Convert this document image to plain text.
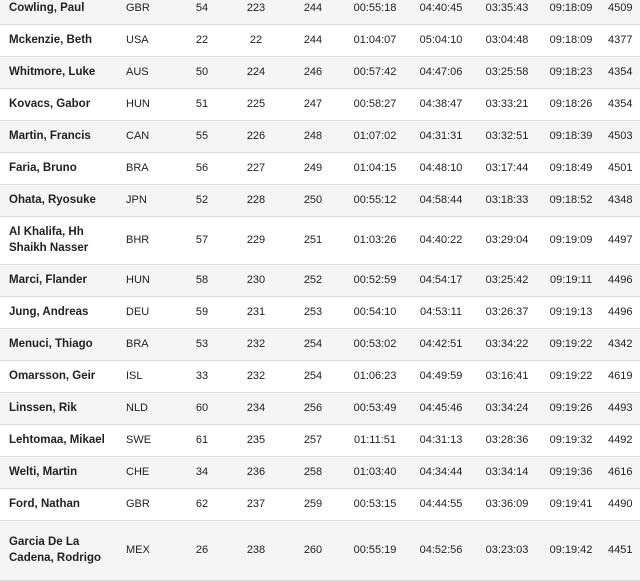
Cowling, Paul	GBR	54	223	244	00:55:18	04:40:45	03:35:43	09:18:09	4509
Mckenzie, Beth	USA	22	22	244	01:04:07	05:04:10	03:04:48	09:18:09	4377
Whitmore, Luke	AUS	50	224	246	00:57:42	04:47:06	03:25:58	09:18:23	4354
Kovacs, Gabor	HUN	51	225	247	00:58:27	04:38:47	03:33:21	09:18:26	4354
Martin, Francis	CAN	55	226	248	01:07:02	04:31:31	03:32:51	09:18:39	4503
Faria, Bruno	BRA	56	227	249	01:04:15	04:48:10	03:17:44	09:18:49	4501
Ohata, Ryosuke	JPN	52	228	250	00:55:12	04:58:44	03:18:33	09:18:52	4348
Al Khalifa, Hh Shaikh Nasser	BHR	57	229	251	01:03:26	04:40:22	03:29:04	09:19:09	4497
Marci, Flander	HUN	58	230	252	00:52:59	04:54:17	03:25:42	09:19:11	4496
Jung, Andreas	DEU	59	231	253	00:54:10	04:53:11	03:26:37	09:19:13	4496
Menuci, Thiago	BRA	53	232	254	00:53:02	04:42:51	03:34:22	09:19:22	4342
Omarsson, Geir	ISL	33	232	254	01:06:23	04:49:59	03:16:41	09:19:22	4619
Linssen, Rik	NLD	60	234	256	00:53:49	04:45:46	03:34:24	09:19:26	4493
Lehtomaa, Mikael	SWE	61	235	257	01:11:51	04:31:13	03:28:36	09:19:32	4492
Welti, Martin	CHE	34	236	258	01:03:40	04:34:44	03:34:14	09:19:36	4616
Ford, Nathan	GBR	62	237	259	00:53:15	04:44:55	03:36:09	09:19:41	4490
Garcia De La Cadena, Rodrigo	MEX	26	238	260	00:55:19	04:52:56	03:23:03	09:19:42	4451
